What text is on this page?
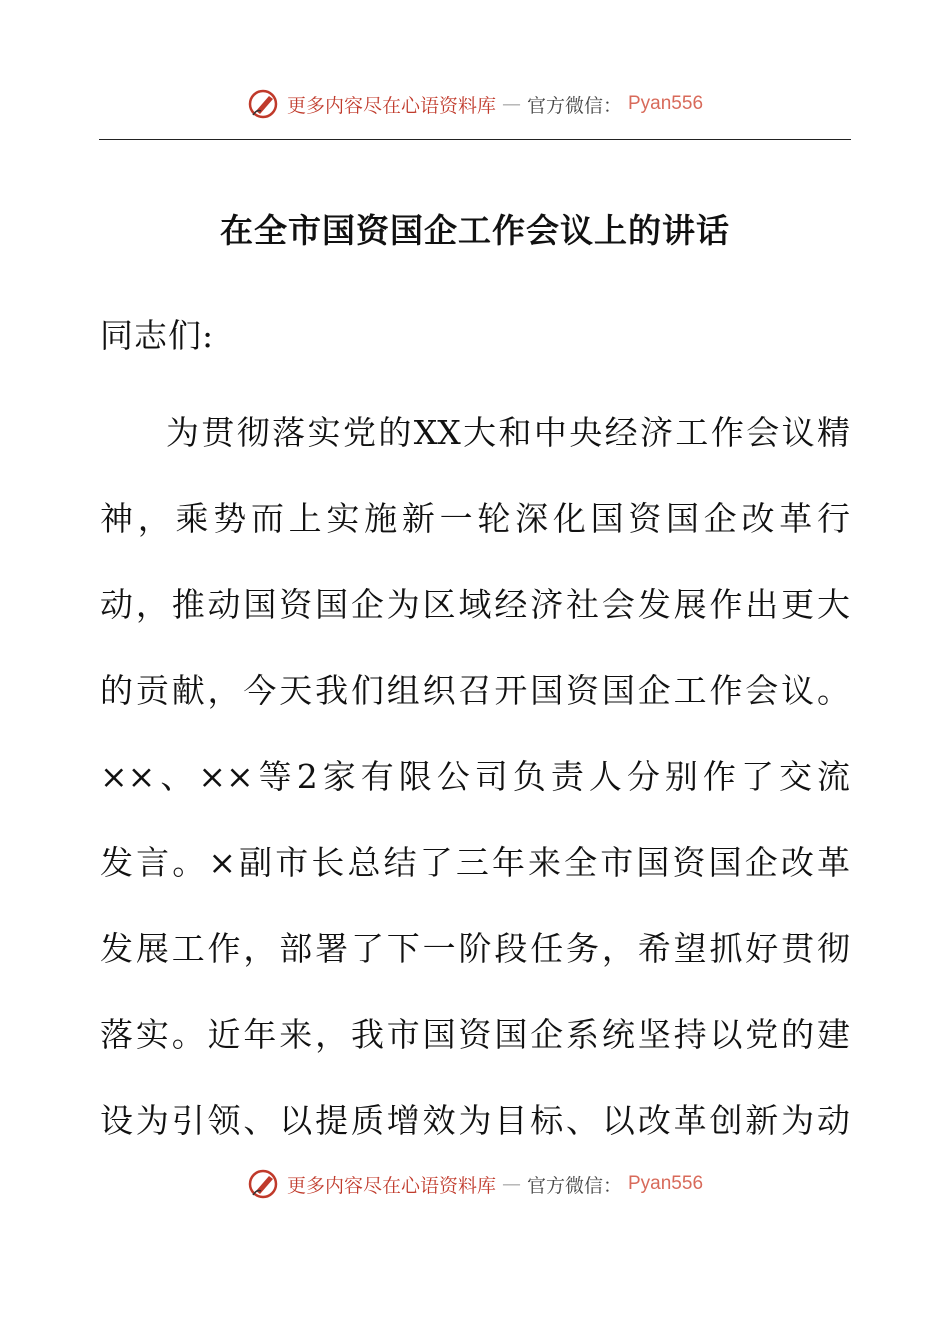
更多内容尽在心语资料库 — 官方微信： Pyan556
在全市国资国企工作会议上的讲话
同志们:
为贯彻落实党的XX大和中央经济工作会议精
神，乘势而上实施新一轮深化国资国企改革行
动，推动国资国企为区域经济社会发展作出更大
的贡献，今天我们组织召开国资国企工作会议。
××、××等2家有限公司负责人分别作了交流
发言。×副市长总结了三年来全市国资国企改革
发展工作，部署了下一阶段任务，希望抓好贯彻
落实。近年来，我市国资国企系统坚持以党的建
设为引领、以提质增效为目标、以改革创新为动
更多内容尽在心语资料库 — 官方微信： Pyan556
